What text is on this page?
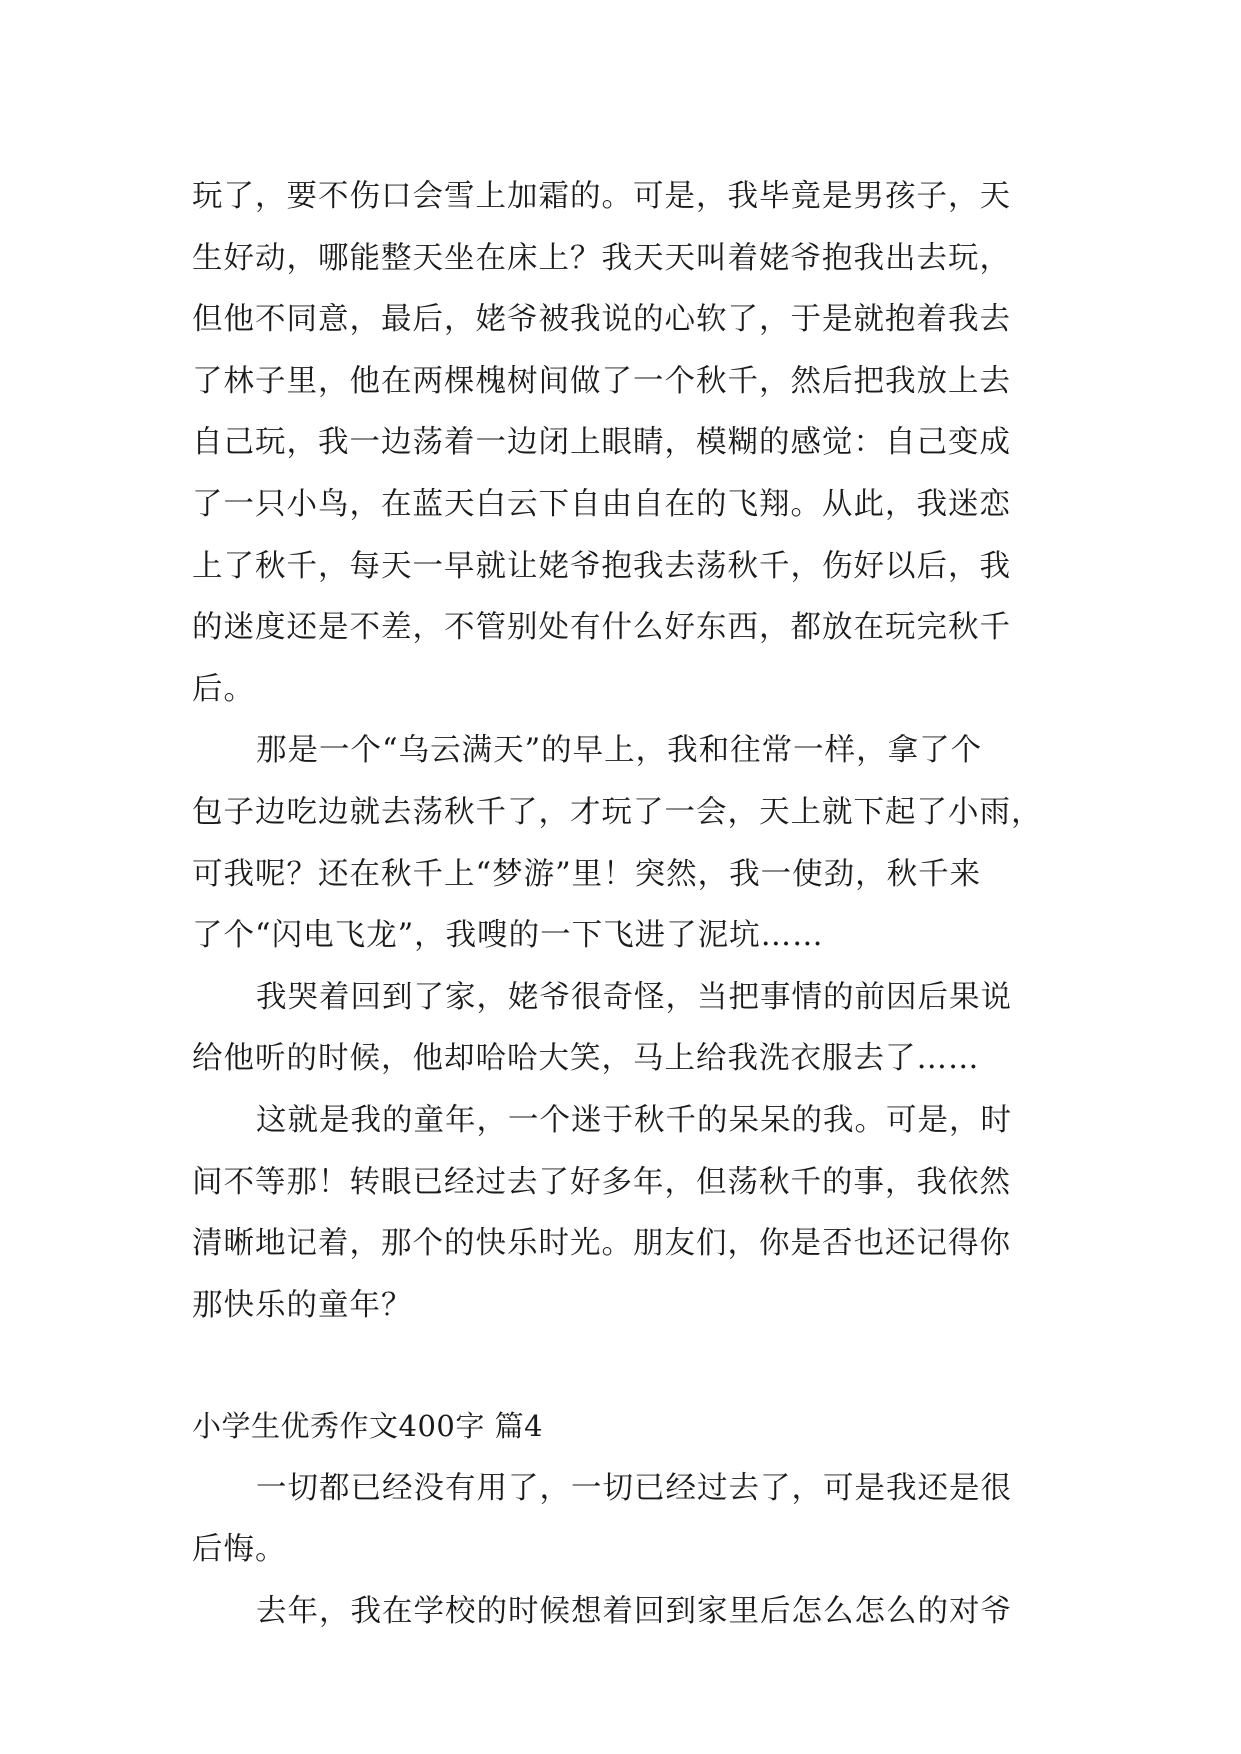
玩了，要不伤口会雪上加霜的。可是，我毕竟是男孩子，天
生好动，哪能整天坐在床上？我天天叫着姥爷抱我出去玩，
但他不同意，最后，姥爷被我说的心软了，于是就抱着我去
了林子里，他在两棵槐树间做了一个秋千，然后把我放上去
自己玩，我一边荡着一边闭上眼睛，模糊的感觉：自己变成
了一只小鸟，在蓝天白云下自由自在的飞翔。从此，我迷恋
上了秋千，每天一早就让姥爷抱我去荡秋千，伤好以后，我
的迷度还是不差，不管别处有什么好东西，都放在玩完秋千
后。
那是一个“乌云满天”的早上，我和往常一样，拿了个
包子边吃边就去荡秋千了，才玩了一会，天上就下起了小雨，
可我呢？还在秋千上“梦游”里！突然，我一使劲，秋千来
了个“闪电飞龙”，我嗖的一下飞进了泥坑……
我哭着回到了家，姥爷很奇怪，当把事情的前因后果说
给他听的时候，他却哈哈大笑，马上给我洗衣服去了……
这就是我的童年，一个迷于秋千的呆呆的我。可是，时
间不等那！转眼已经过去了好多年，但荡秋千的事，我依然
清晰地记着，那个的快乐时光。朋友们，你是否也还记得你
那快乐的童年？
小学生优秀作文400字 篇4
一切都已经没有用了，一切已经过去了，可是我还是很
后悔。
去年，我在学校的时候想着回到家里后怎么怎么的对爷
